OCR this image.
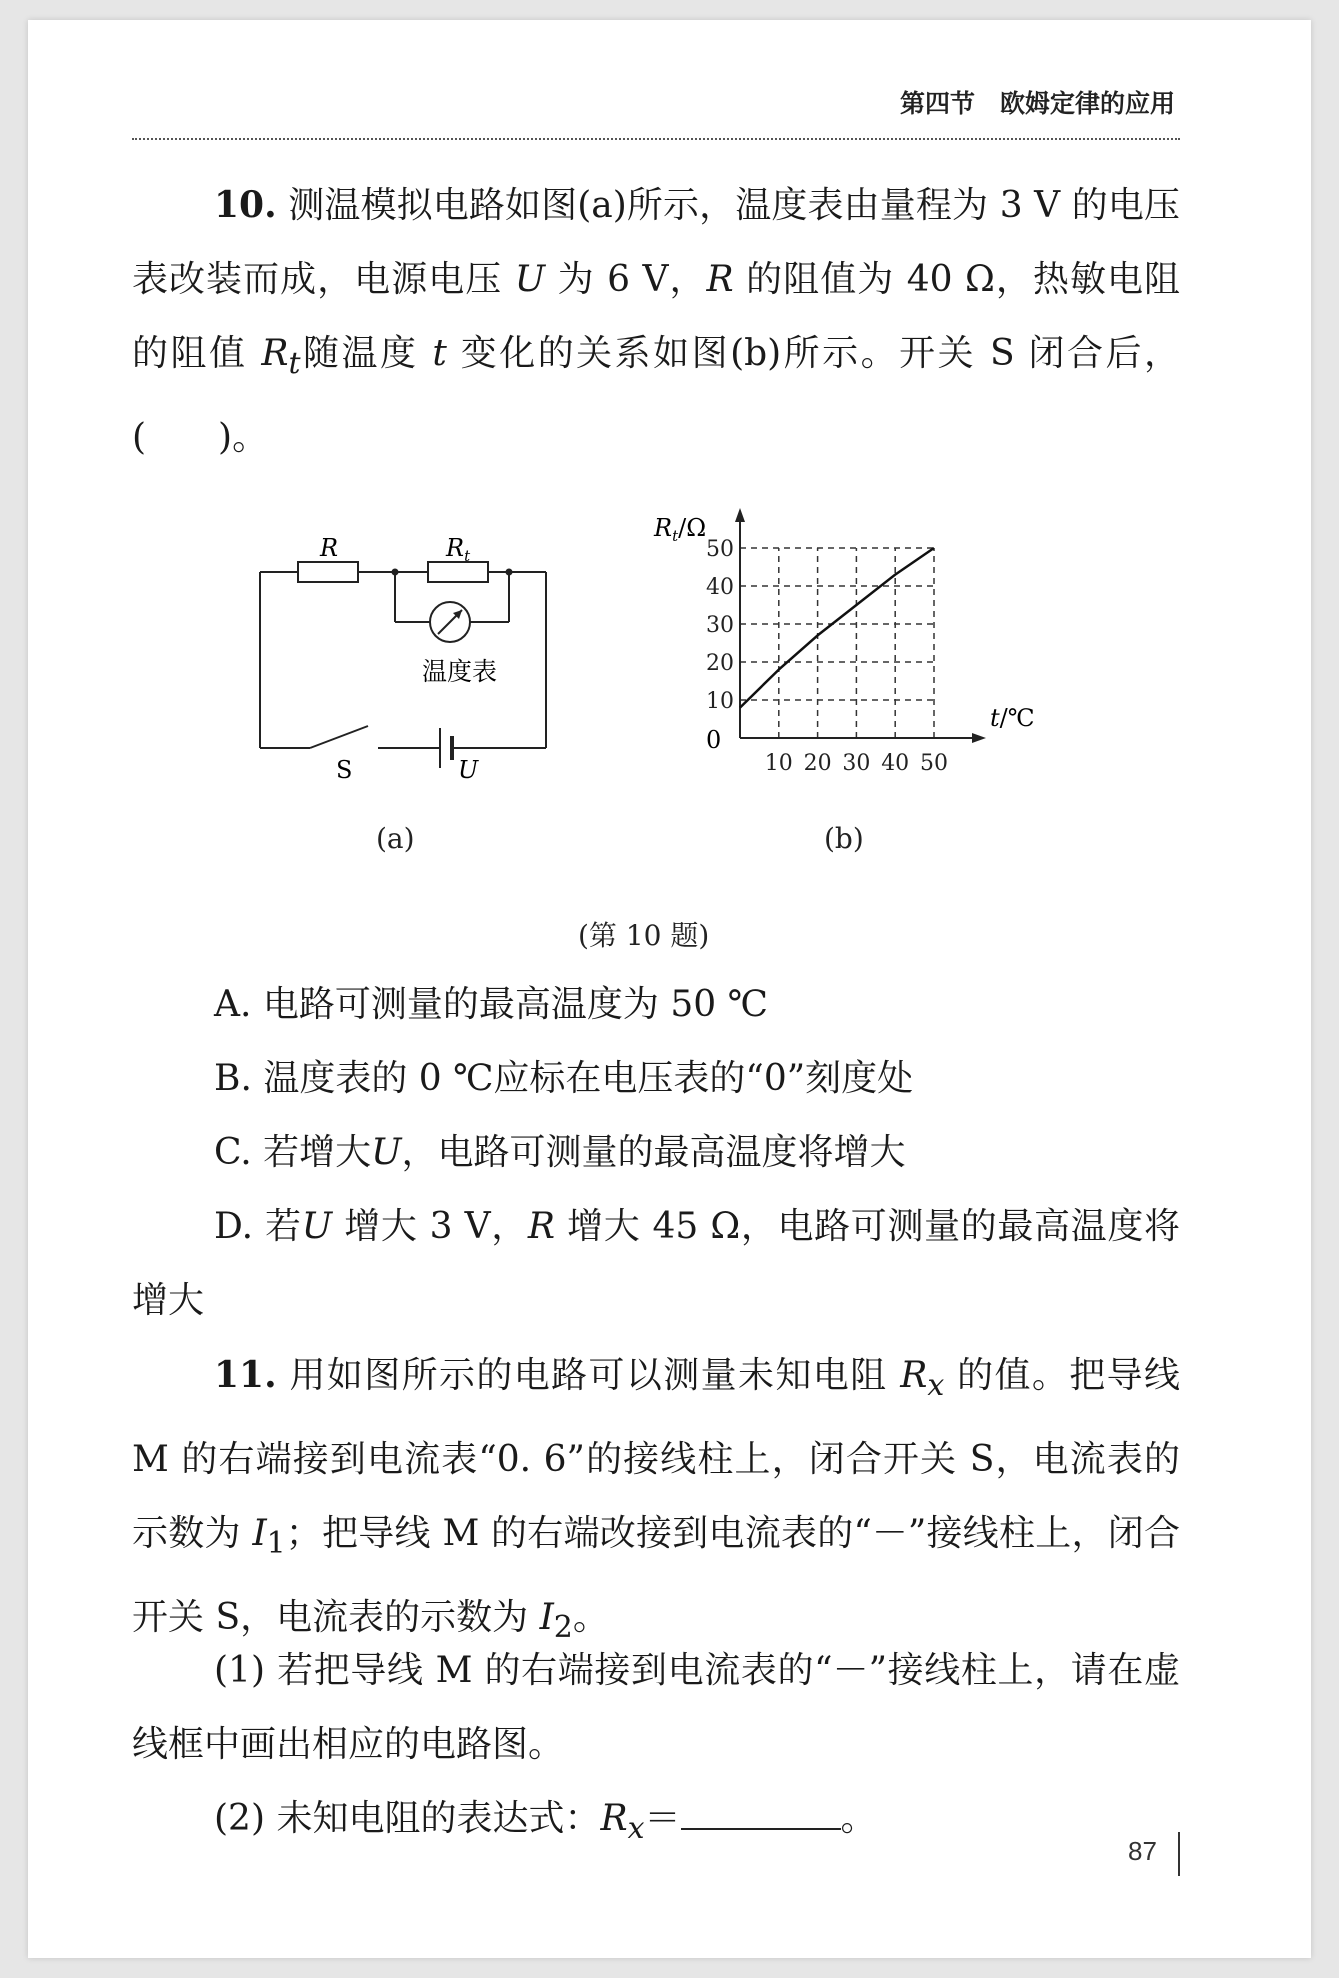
第四节　欧姆定律的应用
10. 测温模拟电路如图(a)所示，温度表由量程为 3 V 的电压表改装而成，电源电压 U 为 6 V，R 的阻值为 40 Ω，热敏电阻的阻值 $R_t$随温度 t 变化的关系如图(b)所示。开关 S 闭合后，(　　)。
R	$R_t$
温度表
S	U
(a)
10 20 30 40 50
10
20
30
40
50
$R_t/\Omega$
t/℃
0
(b)
(第 10 题)
A. 电路可测量的最高温度为 50 ℃
B. 温度表的 0 ℃应标在电压表的“0”刻度处
C. 若增大U，电路可测量的最高温度将增大
D. 若U 增大 3 V，R 增大 45 Ω，电路可测量的最高温度将增大
11. 用如图所示的电路可以测量未知电阻 $R_x$ 的值。把导线 M 的右端接到电流表“0. 6”的接线柱上，闭合开关 S，电流表的示数为 $I_1$；把导线 M 的右端改接到电流表的“－”接线柱上，闭合开关 S，电流表的示数为 $I_2$。
(1) 若把导线 M 的右端接到电流表的“－”接线柱上，请在虚线框中画出相应的电路图。
(2) 未知电阻的表达式：$R_x=$	。
87
